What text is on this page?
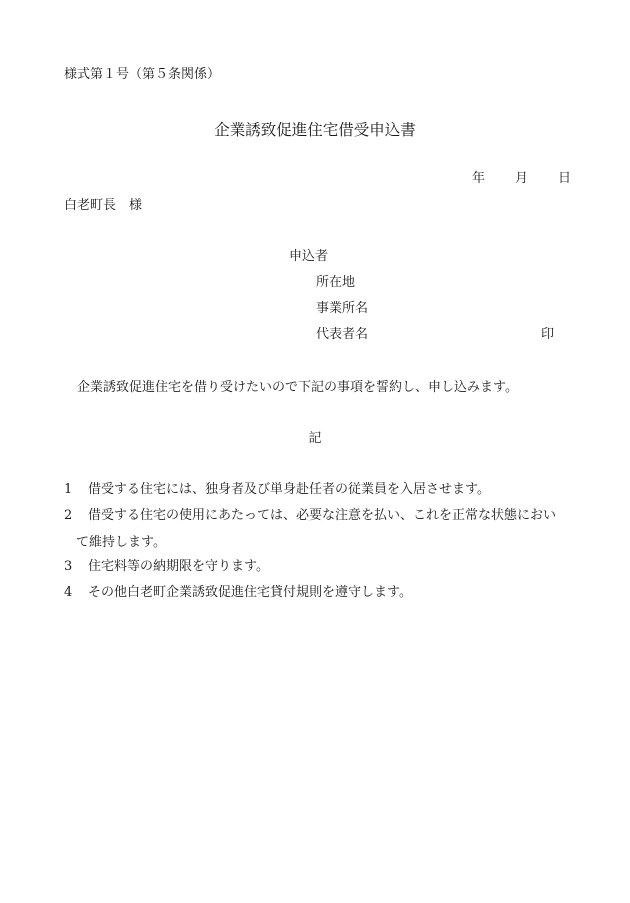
様式第１号（第５条関係）
企業誘致促進住宅借受申込書
年 月 日
白老町長　様
申込者
所在地
事業所名
代表者名	印
企業誘致促進住宅を借り受けたいので下記の事項を誓約し、申し込みます。
記
1 借受する住宅には、独身者及び単身赴任者の従業員を入居させます。
2 借受する住宅の使用にあたっては、必要な注意を払い、これを正常な状態におい
て維持します。
3 住宅料等の納期限を守ります。
4 その他白老町企業誘致促進住宅貸付規則を遵守します。
